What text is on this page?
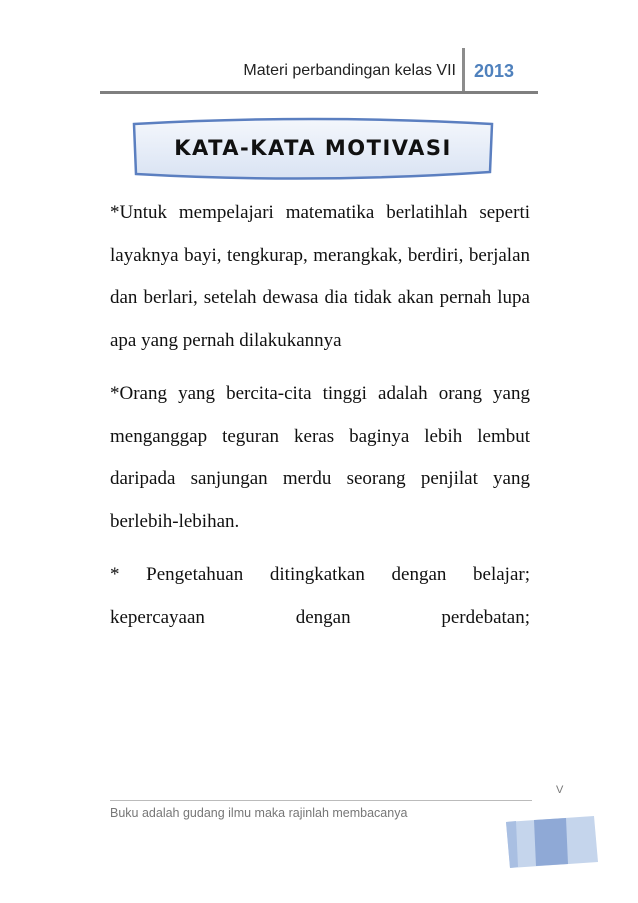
Materi perbandingan kelas VII 2013
KATA-KATA MOTIVASI

*Untuk mempelajari matematika berlatihlah seperti layaknya bayi, tengkurap, merangkak, berdiri, berjalan dan berlari, setelah dewasa dia tidak akan pernah lupa apa yang pernah dilakukannya

*Orang yang bercita-cita tinggi adalah orang yang menganggap teguran keras baginya lebih lembut daripada sanjungan merdu seorang penjilat yang berlebih-lebihan.

* Pengetahuan ditingkatkan dengan belajar; kepercayaan dengan perdebatan;

V
Buku adalah gudang ilmu maka rajinlah membacanya
